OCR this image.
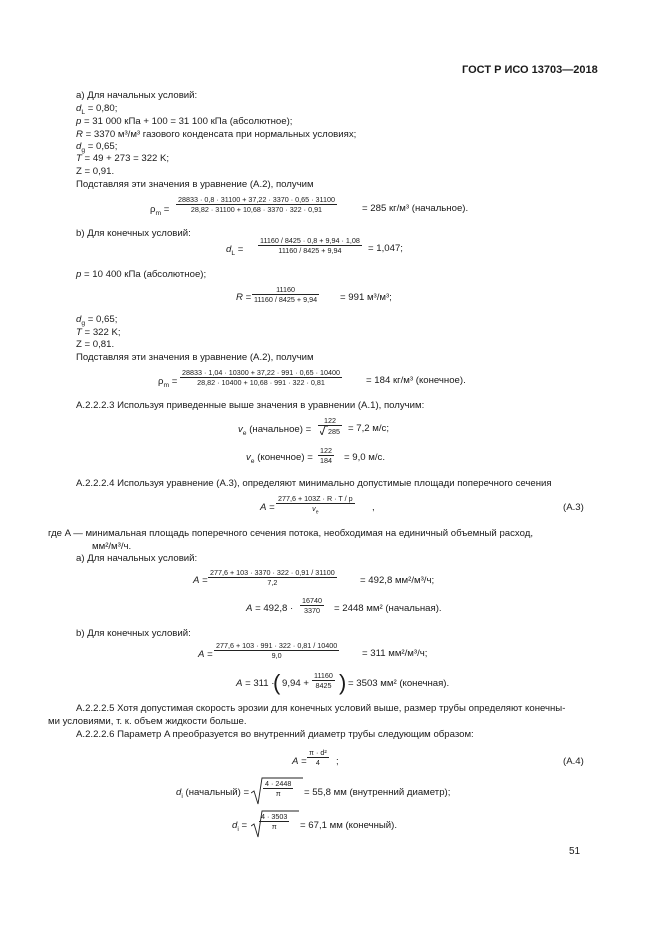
ГОСТ Р ИСО 13703—2018
a) Для начальных условий:
$d_L = 0,80$;
p = 31 000 кПа + 100 = 31 100 кПа (абсолютное);
R = 3370 м³/м³ газового конденсата при нормальных условиях;
$d_g = 0,65$;
T = 49 + 273 = 322 K;
Z = 0,91.
Подставляя эти значения в уравнение (А.2), получим
$\rho_m$ =
28833 · 0,8 · 31100 + 37,22 · 3370 · 0,65 · 31100
28,82 · 31100 + 10,68 · 3370 · 322 · 0,91	= 285 кг/м³ (начальное).
b) Для конечных условий:
$d_L$ =
11160 / 8425 · 0,8 + 9,94 · 1,08
11160 / 8425 + 9,94	= 1,047;
p = 10 400 кПа (абсолютное);
R =
11160
11160 / 8425 + 9,94 = 991 м³/м³;
$d_g = 0,65$;
T = 322 K;
Z = 0,81.
Подставляя эти значения в уравнение (А.2), получим
$\rho_m$ =
28833 · 1,04 · 10300 + 37,22 · 991 · 0,65 · 10400
28,82 · 10400 + 10,68 · 991 · 322 · 0,81	= 184 кг/м³ (конечное).
А.2.2.2.3 Используя приведенные выше значения в уравнении (А.1), получим:
$v_e$ (начальное) =
122
285 = 7,2 м/с;
$v_e$ (конечное) =
122
184 = 9,0 м/с.
А.2.2.2.4 Используя уравнение (А.3), определяют минимально допустимые площади поперечного сечения
A =
277,6 + 103Z · R · T / p
$v_e$	,	(А.3)
где A — минимальная площадь поперечного сечения потока, необходимая на единичный объемный расход,
мм²/м³/ч.
a) Для начальных условий:
A =
277,6 + 103 · 3370 · 322 · 0,91 / 31100
7,2	= 492,8 мм²/м³/ч;
A = 492,8 ·
16740
3370 = 2448 мм² (начальная).
b) Для конечных условий:
A =
277,6 + 103 · 991 · 322 · 0,81 / 10400
9,0	= 311 мм²/м³/ч;
A = 311 ·
( 9,94 +
11160
8425 ) = 3503 мм² (конечная).
А.2.2.2.5 Хотя допустимая скорость эрозии для конечных условий выше, размер трубы определяют конечны-
ми условиями, т. к. объем жидкости больше.
А.2.2.2.6 Параметр A преобразуется во внутренний диаметр трубы следующим образом:
A =
π · d²
4 ;	(А.4)
$d_i$ (начальный) =
4 · 2448
π = 55,8 мм (внутренний диаметр);
$d_i$ =
4 · 3503
π = 67,1 мм (конечный).
51
